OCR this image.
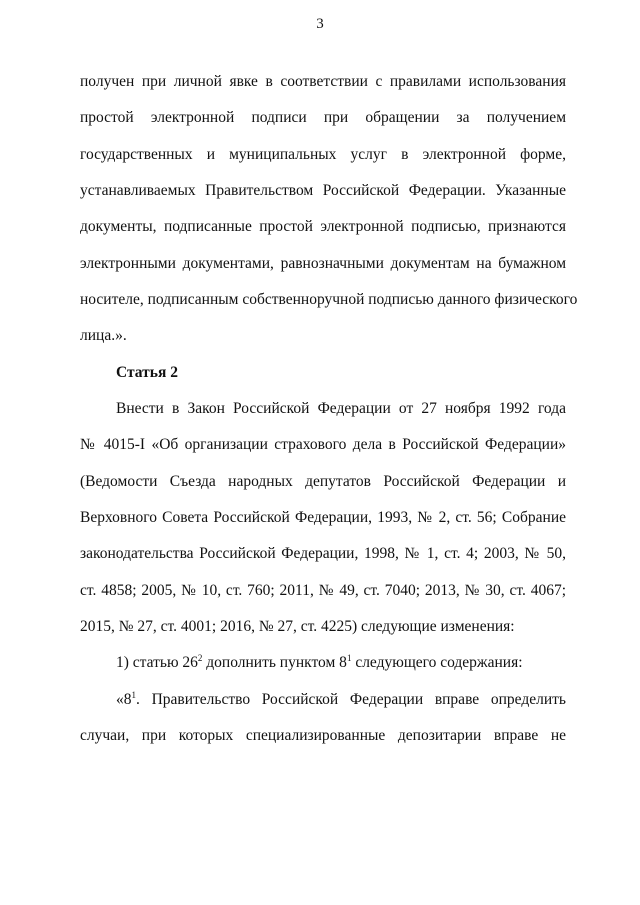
3
получен при личной явке в соответствии с правилами использования
простой электронной подписи при обращении за получением
государственных и муниципальных услуг в электронной форме,
устанавливаемых Правительством Российской Федерации. Указанные
документы, подписанные простой электронной подписью, признаются
электронными документами, равнозначными документам на бумажном
носителе, подписанным собственноручной подписью данного физического
лица.».
Статья 2
Внести в Закон Российской Федерации от 27 ноября 1992 года
№ 4015-I «Об организации страхового дела в Российской Федерации»
(Ведомости Съезда народных депутатов Российской Федерации и
Верховного Совета Российской Федерации, 1993, № 2, ст. 56; Собрание
законодательства Российской Федерации, 1998, № 1, ст. 4; 2003, № 50,
ст. 4858; 2005, № 10, ст. 760; 2011, № 49, ст. 7040; 2013, № 30, ст. 4067;
2015, № 27, ст. 4001; 2016, № 27, ст. 4225) следующие изменения:
1) статью $26^2$ дополнить пунктом $8^1$ следующего содержания:
«$8^1$. Правительство Российской Федерации вправе определить
случаи, при которых специализированные депозитарии вправе не
